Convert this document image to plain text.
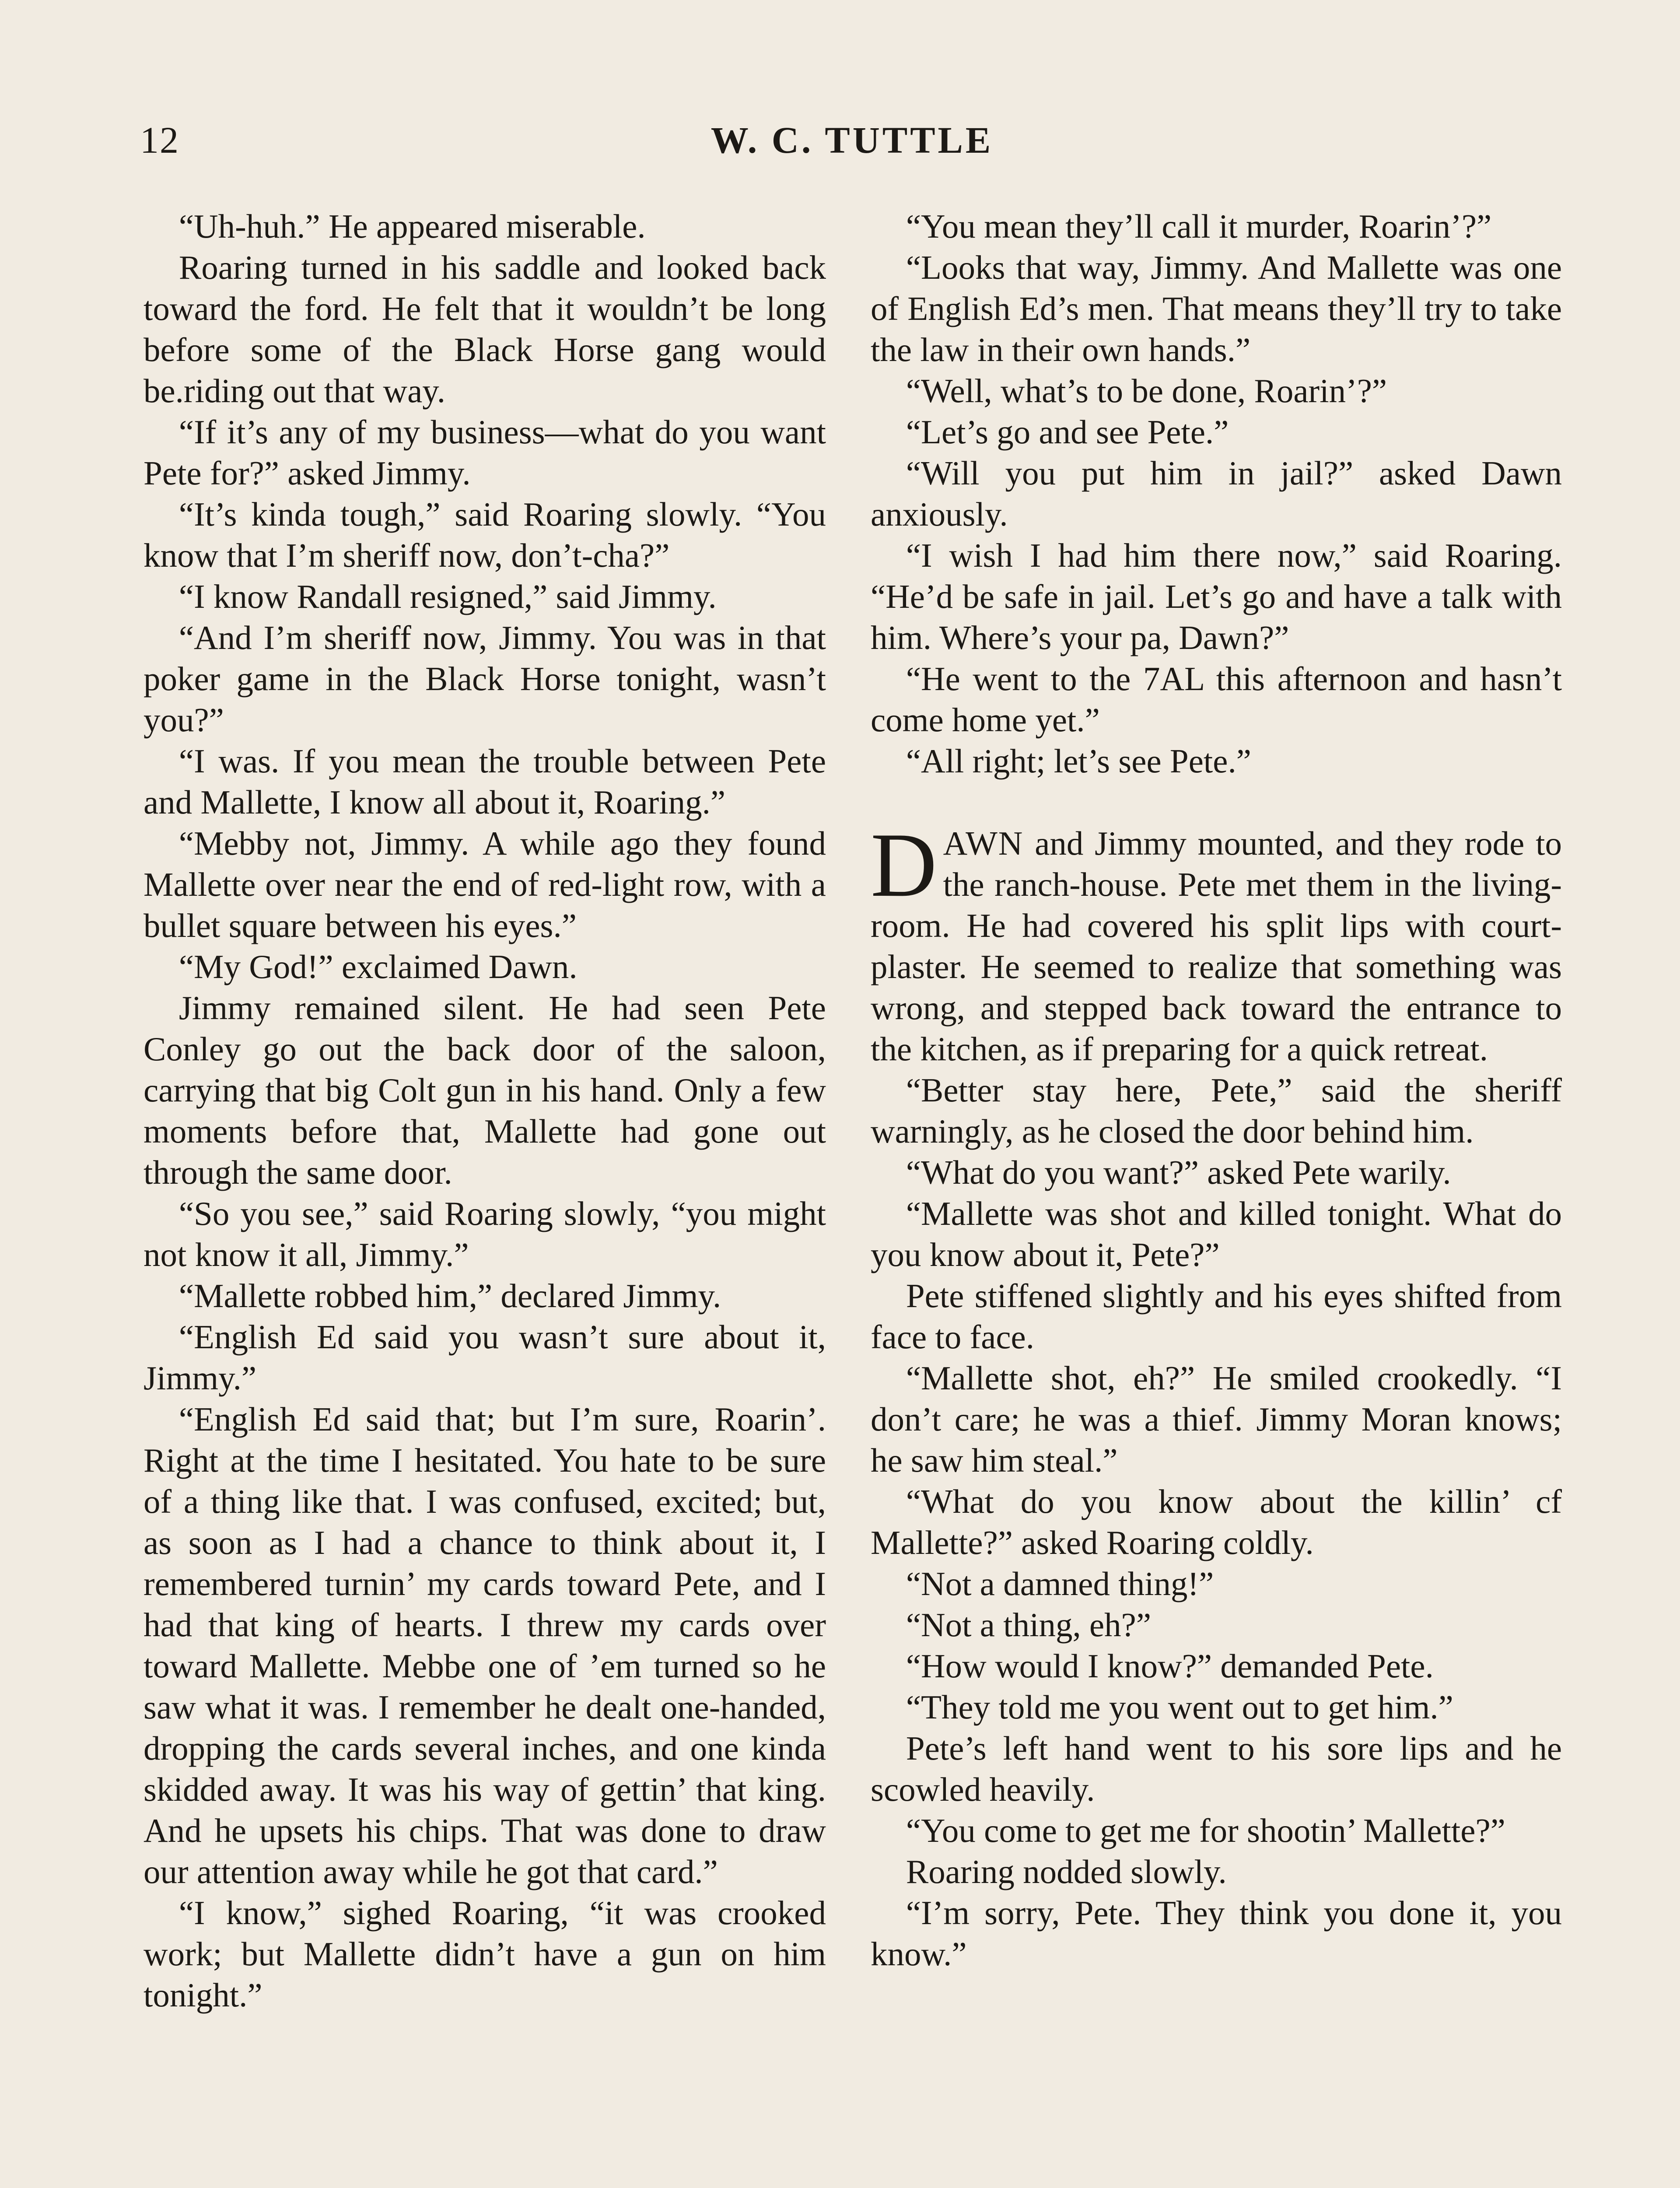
12	W. C. TUTTLE

“Uh-huh.” He appeared miserable.

Roaring turned in his saddle and looked back toward the ford. He felt that it wouldn’t be long before some of the Black Horse gang would be.riding out that way.

“If it’s any of my business—what do you want Pete for?” asked Jimmy.

“It’s kinda tough,” said Roaring slowly. “You know that I’m sheriff now, don’t-cha?”

“I know Randall resigned,” said Jimmy.

“And I’m sheriff now, Jimmy. You was in that poker game in the Black Horse tonight, wasn’t you?”

“I was. If you mean the trouble between Pete and Mallette, I know all about it, Roaring.”

“Mebby not, Jimmy. A while ago they found Mallette over near the end of red-light row, with a bullet square between his eyes.”

“My God!” exclaimed Dawn.

Jimmy remained silent. He had seen Pete Conley go out the back door of the saloon, carrying that big Colt gun in his hand. Only a few moments before that, Mallette had gone out through the same door.

“So you see,” said Roaring slowly, “you might not know it all, Jimmy.”

“Mallette robbed him,” declared Jimmy.

“English Ed said you wasn’t sure about it, Jimmy.”

“English Ed said that; but I’m sure, Roarin’. Right at the time I hesitated. You hate to be sure of a thing like that. I was confused, excited; but, as soon as I had a chance to think about it, I remembered turnin’ my cards toward Pete, and I had that king of hearts. I threw my cards over toward Mallette. Mebbe one of ’em turned so he saw what it was. I remember he dealt one-handed, dropping the cards several inches, and one kinda skidded away. It was his way of gettin’ that king. And he upsets his chips. That was done to draw our attention away while he got that card.”

“I know,” sighed Roaring, “it was crooked work; but Mallette didn’t have a gun on him tonight.”

“You mean they’ll call it murder, Roarin’?”

“Looks that way, Jimmy. And Mallette was one of English Ed’s men. That means they’ll try to take the law in their own hands.”

“Well, what’s to be done, Roarin’?”

“Let’s go and see Pete.”

“Will you put him in jail?” asked Dawn anxiously.

“I wish I had him there now,” said Roaring. “He’d be safe in jail. Let’s go and have a talk with him. Where’s your pa, Dawn?”

“He went to the 7AL this afternoon and hasn’t come home yet.”

“All right; let’s see Pete.”

DAWN and Jimmy mounted, and they rode to the ranch-house. Pete met them in the living-room. He had covered his split lips with court-plaster. He seemed to realize that something was wrong, and stepped back toward the entrance to the kitchen, as if preparing for a quick retreat.

“Better stay here, Pete,” said the sheriff warningly, as he closed the door behind him.

“What do you want?” asked Pete warily.

“Mallette was shot and killed tonight. What do you know about it, Pete?”

Pete stiffened slightly and his eyes shifted from face to face.

“Mallette shot, eh?” He smiled crookedly. “I don’t care; he was a thief. Jimmy Moran knows; he saw him steal.”

“What do you know about the killin’ cf Mallette?” asked Roaring coldly.

“Not a damned thing!”

“Not a thing, eh?”

“How would I know?” demanded Pete.

“They told me you went out to get him.”

Pete’s left hand went to his sore lips and he scowled heavily.

“You come to get me for shootin’ Mallette?”

Roaring nodded slowly.

“I’m sorry, Pete. They think you done it, you know.”
